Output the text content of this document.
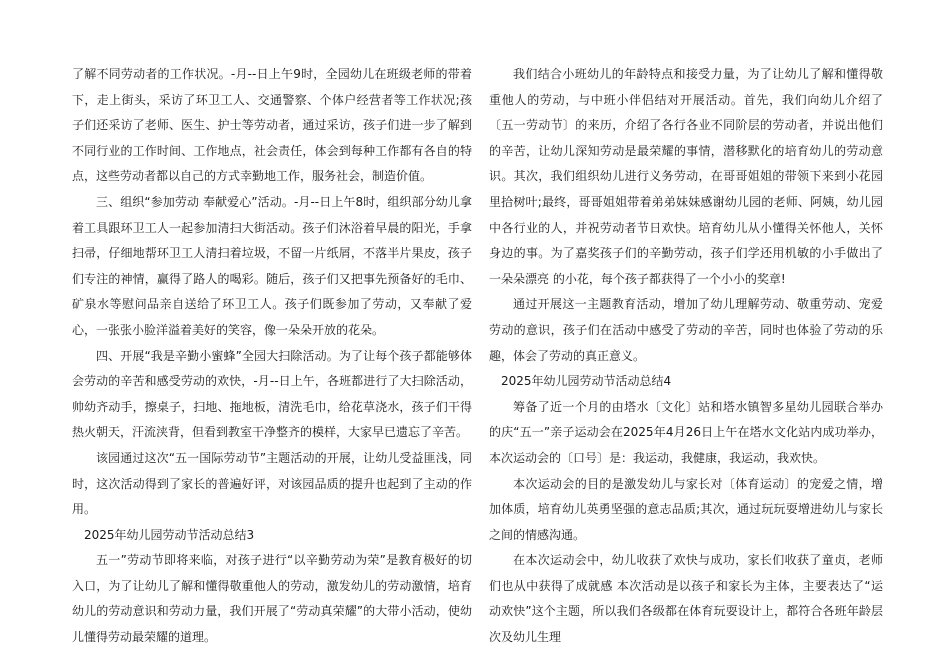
了解不同劳动者的工作状况。-月--日上午9时，全园幼儿在班级老师的带着下，走上街头，采访了环卫工人、交通警察、个体户经营者等工作状况;孩子们还采访了老师、医生、护士等劳动者，通过采访，孩子们进一步了解到不同行业的工作时间、工作地点，社会责任，体会到每种工作都有各自的特点，这些劳动者都以自己的方式幸勤地工作，服务社会，制造价值。

三、组织“参加劳动 奉献爱心”活动。-月--日上午8时，组织部分幼儿拿着工具跟环卫工人一起参加清扫大街活动。孩子们沐浴着早晨的阳光，手拿扫帚，仔细地帮环卫工人清扫着垃圾，不留一片纸屑，不落半片果皮，孩子们专注的神情，赢得了路人的喝彩。随后，孩子们又把事先预备好的毛巾、矿泉水等慰问品亲自送给了环卫工人。孩子们既参加了劳动，又奉献了爱心，一张张小脸洋溢着美好的笑容，像一朵朵开放的花朵。

四、开展“我是辛勤小蜜蜂”全园大扫除活动。为了让每个孩子都能够体会劳动的辛苦和感受劳动的欢快，-月--日上午，各班都进行了大扫除活动，帅幼齐动手，擦桌子，扫地、拖地板，清洗毛巾，给花草浇水，孩子们干得热火朝天，汗流浃背，但看到教室干净整齐的模样，大家早已遗忘了辛苦。

该园通过这次“五一国际劳动节”主题活动的开展，让幼儿受益匪浅，同时，这次活动得到了家长的普遍好评，对该园品质的提升也起到了主动的作用。

2025年幼儿园劳动节活动总结3

五一”劳动节即将来临，对孩子进行“以辛勤劳动为荣”是教育极好的切入口，为了让幼儿了解和懂得敬重他人的劳动，激发幼儿的劳动激情，培育幼儿的劳动意识和劳动力量，我们开展了“劳动真荣耀”的大带小活动，使幼儿懂得劳动最荣耀的道理。

我们结合小班幼儿的年龄特点和接受力量，为了让幼儿了解和懂得敬重他人的劳动，与中班小伴侣结对开展活动。首先，我们向幼儿介绍了〔五一劳动节〕的来历，介绍了各行各业不同阶层的劳动者，并说出他们的辛苦，让幼儿深知劳动是最荣耀的事情，潜移默化的培育幼儿的劳动意识。其次，我们组织幼儿进行义务劳动，在哥哥姐姐的带领下来到小花园里拾树叶;最终，哥哥姐姐带着弟弟妹妹感谢幼儿园的老师、阿姨，幼儿园中各行业的人，并祝劳动者节日欢快。培育幼儿从小懂得关怀他人，关怀身边的事。为了嘉奖孩子们的辛勤劳动，孩子们学还用机敏的小手做出了一朵朵漂亮 的小花，每个孩子都获得了一个小小的奖章!

通过开展这一主题教育活动，增加了幼儿理解劳动、敬重劳动、宠爱劳动的意识，孩子们在活动中感受了劳动的辛苦，同时也体验了劳动的乐趣，体会了劳动的真正意义。

2025年幼儿园劳动节活动总结4

筹备了近一个月的由塔水〔文化〕站和塔水镇智多星幼儿园联合举办的庆“五一”亲子运动会在2025年4月26日上午在塔水文化站内成功举办，本次运动会的〔口号〕是：我运动，我健康，我运动，我欢快。

本次运动会的目的是激发幼儿与家长对〔体育运动〕的宠爱之情，增加体质，培育幼儿英勇坚强的意志品质;其次，通过玩玩耍增进幼儿与家长之间的情感沟通。

在本次运动会中，幼儿收获了欢快与成功，家长们收获了童贞，老师们也从中获得了成就感 本次活动是以孩子和家长为主体，主要表达了“运动欢快”这个主题，所以我们各级都在体育玩耍设计上，都符合各班年龄层次及幼儿生理
